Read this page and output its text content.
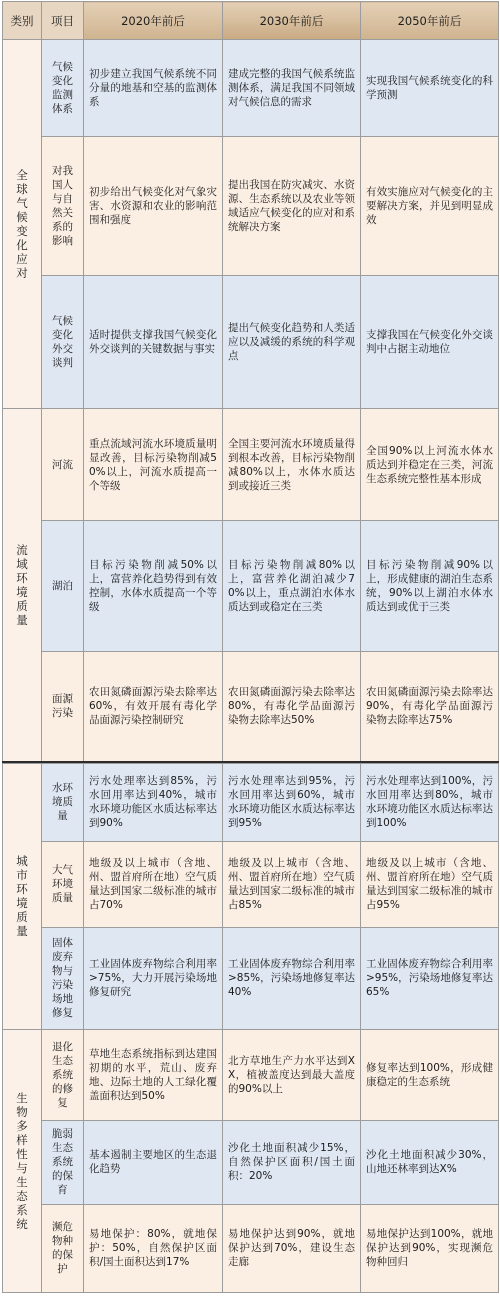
类别	项目	2020年前后	2030年前后	2050年前后
全球气候变化应对	气候变化监测体系	初步建立我国气候系统不同分量的地基和空基的监测体系	建成完整的我国气候系统监测体系，满足我国不同领域对气候信息的需求	实现我国气候系统变化的科学预测
	对我国人与自然关系的影响	初步给出气候变化对气象灾害、水资源和农业的影响范围和强度	提出我国在防灾减灾、水资源、生态系统以及农业等领域适应气候变化的应对和系统解决方案	有效实施应对气候变化的主要解决方案，并见到明显成效
	气候变化外交谈判	适时提供支撑我国气候变化外交谈判的关键数据与事实	提出气候变化趋势和人类适应以及减缓的系统的科学观点	支撑我国在气候变化外交谈判中占据主动地位
流域环境质量	河流	重点流域河流水环境质量明显改善，目标污染物削减50%以上，河流水质提高一个等级	全国主要河流水环境质量得到根本改善，目标污染物削减80%以上，水体水质达到或接近三类	全国90%以上河流水体水质达到并稳定在三类，河流生态系统完整性基本形成
	湖泊	目标污染物削减50%以上，富营养化趋势得到有效控制，水体水质提高一个等级	目标污染物削减80%以上，富营养化湖泊减少70%以上，重点湖泊水体水质达到或稳定在三类	目标污染物削减90%以上，形成健康的湖泊生态系统，90%以上湖泊水体水质达到或优于三类
	面源污染	农田氮磷面源污染去除率达60%，有效开展有毒化学品面源污染控制研究	农田氮磷面源污染去除率达80%，有毒化学品面源污染物去除率达50%	农田氮磷面源污染去除率达90%，有毒化学品面源污染物去除率达75%

城市环境质量	水环境质量	污水处理率达到85%，污水回用率达到40%，城市水环境功能区水质达标率达到90%	污水处理率达到95%，污水回用率达到60%，城市水环境功能区水质达标率达到95%	污水处理率达到100%，污水回用率达到80%，城市水环境功能区水质达标率达到100%
	大气环境质量	地级及以上城市（含地、州、盟首府所在地）空气质量达到国家二级标准的城市占70%	地级及以上城市（含地、州、盟首府所在地）空气质量达到国家二级标准的城市占85%	地级及以上城市（含地、州、盟首府所在地）空气质量达到国家二级标准的城市占95%
	固体废弃物与污染场地修复	工业固体废弃物综合利用率>75%，大力开展污染场地修复研究	工业固体废弃物综合利用率>85%，污染场地修复率达40%	工业固体废弃物综合利用率>95%，污染场地修复率达65%
生物多样性与生态系统	退化生态系统的修复	草地生态系统指标到达建国初期的水平，荒山、废弃地、边际土地的人工绿化覆盖面积达到50%	北方草地生产力水平达到XX，植被盖度达到最大盖度的90%以上	修复率达到100%，形成健康稳定的生态系统
	脆弱生态系统的保育	基本遏制主要地区的生态退化趋势	沙化土地面积减少15%，自然保护区面积/国土面积：20%	沙化土地面积减少30%，山地还林率到达X%
	濒危物种的保护	易地保护：80%，就地保护：50%，自然保护区面积/国土面积达到17%	易地保护达到90%，就地保护达到70%，建设生态走廊	易地保护达到100%，就地保护达到90%，实现濒危物种回归
